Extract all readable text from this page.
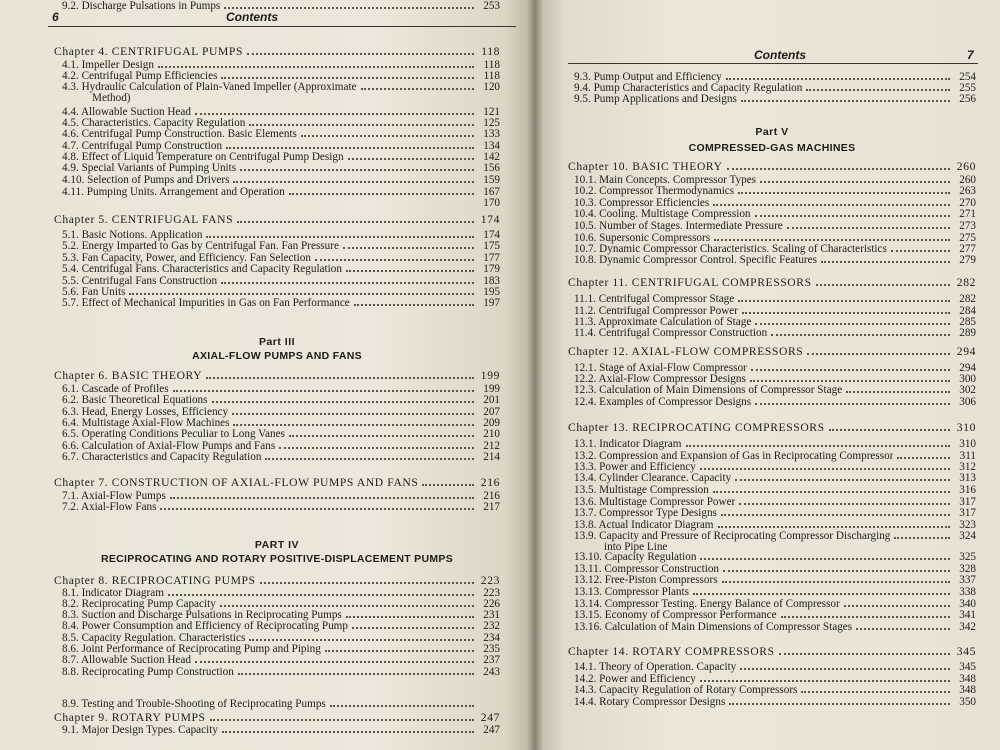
6	Contents
Chapter 4. CENTRIFUGAL PUMPS	118
4.1. Impeller Design	118
4.2. Centrifugal Pump Efficiencies	118
4.3. Hydraulic Calculation of Plain-Vaned Impeller (Approximate	120
Method)
4.4. Allowable Suction Head	121
4.5. Characteristics. Capacity Regulation	125
4.6. Centrifugal Pump Construction. Basic Elements	133
4.7. Centrifugal Pump Construction	134
4.8. Effect of Liquid Temperature on Centrifugal Pump Design	142
4.9. Special Variants of Pumping Units	156
4.10. Selection of Pumps and Drivers	159
4.11. Pumping Units. Arrangement and Operation	167
170
Chapter 5. CENTRIFUGAL FANS	174
5.1. Basic Notions. Application	174
5.2. Energy Imparted to Gas by Centrifugal Fan. Fan Pressure	175
5.3. Fan Capacity, Power, and Efficiency. Fan Selection	177
5.4. Centrifugal Fans. Characteristics and Capacity Regulation	179
5.5. Centrifugal Fans Construction	183
5.6. Fan Units	195
5.7. Effect of Mechanical Impurities in Gas on Fan Performance	197
Part III
AXIAL-FLOW PUMPS AND FANS
Chapter 6. BASIC THEORY	199
6.1. Cascade of Profiles	199
6.2. Basic Theoretical Equations	201
6.3. Head, Energy Losses, Efficiency	207
6.4. Multistage Axial-Flow Machines	209
6.5. Operating Conditions Peculiar to Long Vanes	210
6.6. Calculation of Axial-Flow Pumps and Fans	212
6.7. Characteristics and Capacity Regulation	214
Chapter 7. CONSTRUCTION OF AXIAL-FLOW PUMPS AND FANS	216
7.1. Axial-Flow Pumps	216
7.2. Axial-Flow Fans	217
PART IV
RECIPROCATING AND ROTARY POSITIVE-DISPLACEMENT PUMPS
Chapter 8. RECIPROCATING PUMPS	223
8.1. Indicator Diagram	223
8.2. Reciprocating Pump Capacity	226
8.3. Suction and Discharge Pulsations in Reciprocating Pumps	231
8.4. Power Consumption and Efficiency of Reciprocating Pump	232
8.5. Capacity Regulation. Characteristics	234
8.6. Joint Performance of Reciprocating Pump and Piping	235
8.7. Allowable Suction Head	237
8.8. Reciprocating Pump Construction	243
8.9. Testing and Trouble-Shooting of Reciprocating Pumps
Chapter 9. ROTARY PUMPS	247
9.1. Major Design Types. Capacity	247
9.2. Discharge Pulsations in Pumps	253
Contents	7
9.3. Pump Output and Efficiency	254
9.4. Pump Characteristics and Capacity Regulation	255
9.5. Pump Applications and Designs	256
Part V
COMPRESSED-GAS MACHINES
Chapter 10. BASIC THEORY	260
10.1. Main Concepts. Compressor Types	260
10.2. Compressor Thermodynamics	263
10.3. Compressor Efficiencies	270
10.4. Cooling. Multistage Compression	271
10.5. Number of Stages. Intermediate Pressure	273
10.6. Supersonic Compressors	275
10.7. Dynamic Compressor Characteristics. Scaling of Characteristics	277
10.8. Dynamic Compressor Control. Specific Features	279
Chapter 11. CENTRIFUGAL COMPRESSORS	282
11.1. Centrifugal Compressor Stage	282
11.2. Centrifugal Compressor Power	284
11.3. Approximate Calculation of Stage	285
11.4. Centrifugal Compressor Construction	289
Chapter 12. AXIAL-FLOW COMPRESSORS	294
12.1. Stage of Axial-Flow Compressor	294
12.2. Axial-Flow Compressor Designs	300
12.3. Calculation of Main Dimensions of Compressor Stage	302
12.4. Examples of Compressor Designs	306
Chapter 13. RECIPROCATING COMPRESSORS	310
13.1. Indicator Diagram	310
13.2. Compression and Expansion of Gas in Reciprocating Compressor	311
13.3. Power and Efficiency	312
13.4. Cylinder Clearance. Capacity	313
13.5. Multistage Compression	316
13.6. Multistage Compressor Power	317
13.7. Compressor Type Designs	317
13.8. Actual Indicator Diagram	323
13.9. Capacity and Pressure of Reciprocating Compressor Discharging	324
into Pipe Line
13.10. Capacity Regulation	325
13.11. Compressor Construction	328
13.12. Free-Piston Compressors	337
13.13. Compressor Plants	338
13.14. Compressor Testing. Energy Balance of Compressor	340
13.15. Economy of Compressor Performance	341
13.16. Calculation of Main Dimensions of Compressor Stages	342
Chapter 14. ROTARY COMPRESSORS	345
14.1. Theory of Operation. Capacity	345
14.2. Power and Efficiency	348
14.3. Capacity Regulation of Rotary Compressors	348
14.4. Rotary Compressor Designs	350
